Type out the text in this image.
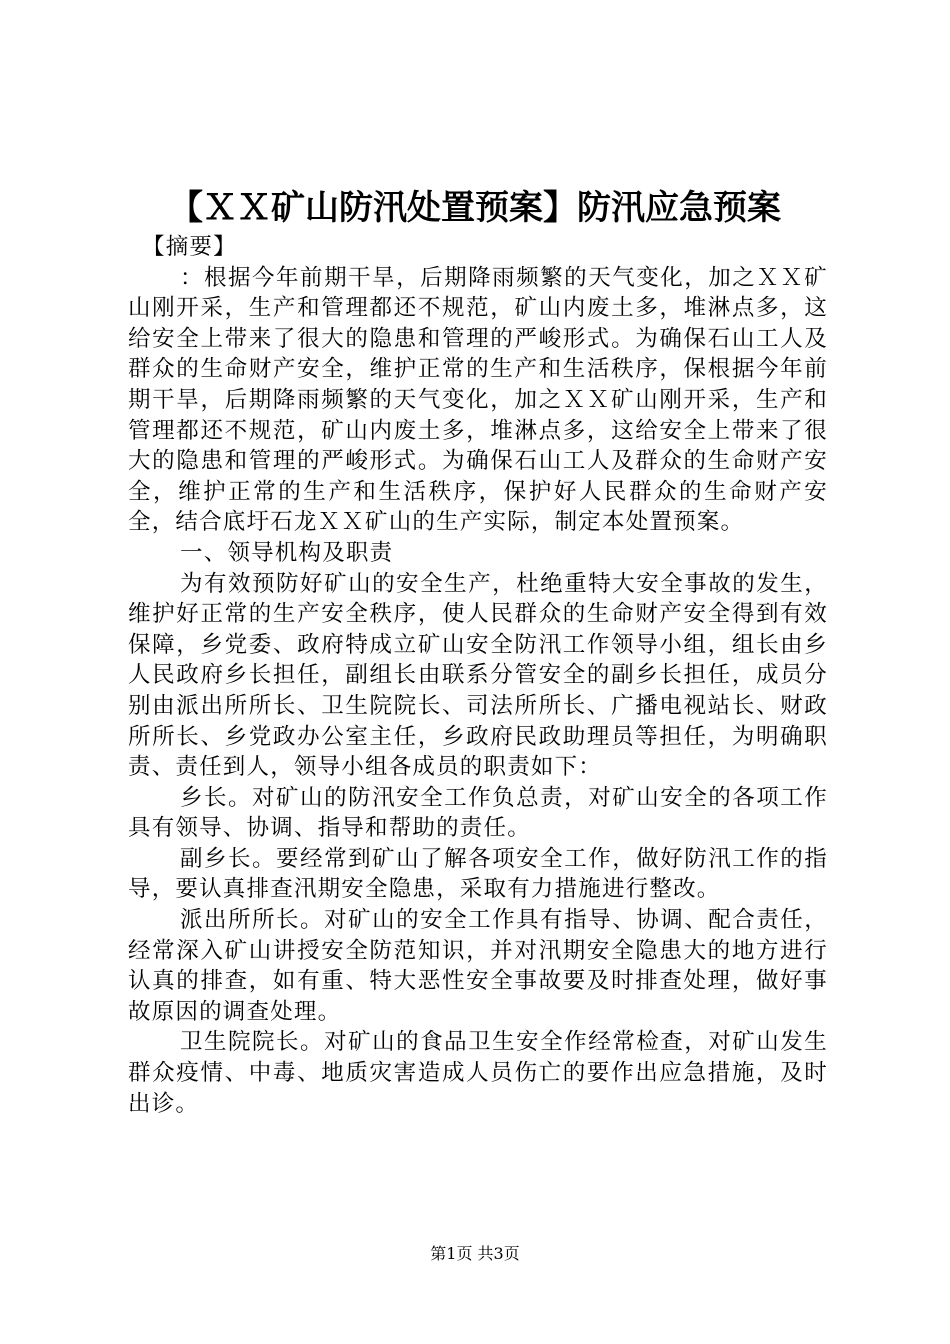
【ＸＸ矿山防汛处置预案】防汛应急预案

【摘要】

：根据今年前期干旱，后期降雨频繁的天气变化，加之ＸＸ矿山刚开采，生产和管理都还不规范，矿山内废土多，堆淋点多，这给安全上带来了很大的隐患和管理的严峻形式。为确保石山工人及群众的生命财产安全，维护正常的生产和生活秩序，保根据今年前期干旱，后期降雨频繁的天气变化，加之ＸＸ矿山刚开采，生产和管理都还不规范，矿山内废土多，堆淋点多，这给安全上带来了很大的隐患和管理的严峻形式。为确保石山工人及群众的生命财产安全，维护正常的生产和生活秩序，保护好人民群众的生命财产安全，结合底圩石龙ＸＸ矿山的生产实际，制定本处置预案。

一、领导机构及职责

为有效预防好矿山的安全生产，杜绝重特大安全事故的发生，维护好正常的生产安全秩序，使人民群众的生命财产安全得到有效保障，乡党委、政府特成立矿山安全防汛工作领导小组，组长由乡人民政府乡长担任，副组长由联系分管安全的副乡长担任，成员分别由派出所所长、卫生院院长、司法所所长、广播电视站长、财政所所长、乡党政办公室主任，乡政府民政助理员等担任，为明确职责、责任到人，领导小组各成员的职责如下：

乡长。对矿山的防汛安全工作负总责，对矿山安全的各项工作具有领导、协调、指导和帮助的责任。

副乡长。要经常到矿山了解各项安全工作，做好防汛工作的指导，要认真排查汛期安全隐患，采取有力措施进行整改。

派出所所长。对矿山的安全工作具有指导、协调、配合责任，经常深入矿山讲授安全防范知识，并对汛期安全隐患大的地方进行认真的排查，如有重、特大恶性安全事故要及时排查处理，做好事故原因的调查处理。

卫生院院长。对矿山的食品卫生安全作经常检查，对矿山发生群众疫情、中毒、地质灾害造成人员伤亡的要作出应急措施，及时出诊。

第1页 共3页
